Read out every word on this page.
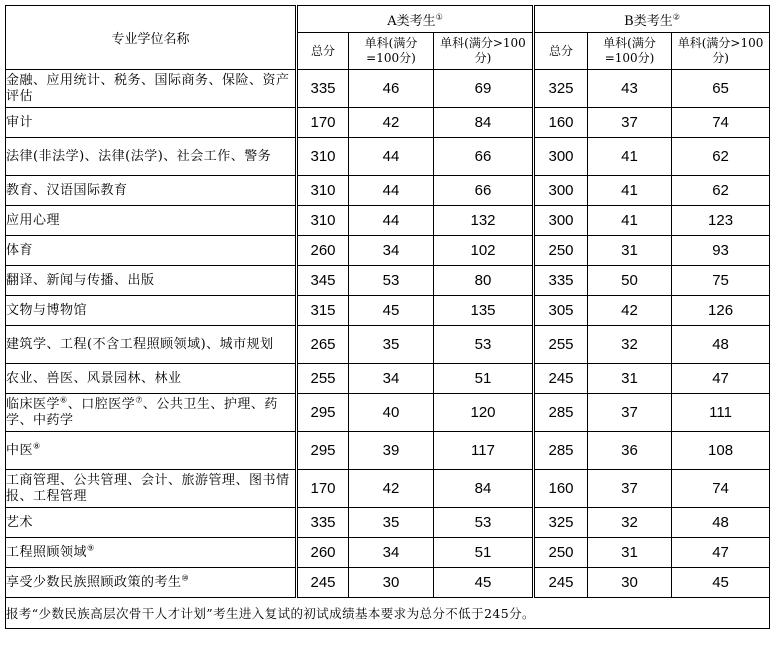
专业学位名称	A类考生①			B类考生②
	总分	单科(满分=100分)	单科(满分>100分)	总分	单科(满分=100分)	单科(满分>100分)
金融、应用统计、税务、国际商务、保险、资产评估	335	46	69	325	43	65
审计	170	42	84	160	37	74
法律(非法学)、法律(法学)、社会工作、警务	310	44	66	300	41	62
教育、汉语国际教育	310	44	66	300	41	62
应用心理	310	44	132	300	41	123
体育	260	34	102	250	31	93
翻译、新闻与传播、出版	345	53	80	335	50	75
文物与博物馆	315	45	135	305	42	126
建筑学、工程(不含工程照顾领域)、城市规划	265	35	53	255	32	48
农业、兽医、风景园林、林业	255	34	51	245	31	47
临床医学⑥、口腔医学⑦、公共卫生、护理、药学、中药学	295	40	120	285	37	111
中医⑧	295	39	117	285	36	108
工商管理、公共管理、会计、旅游管理、图书情报、工程管理	170	42	84	160	37	74
艺术	335	35	53	325	32	48
工程照顾领域⑨	260	34	51	250	31	47
享受少数民族照顾政策的考生⑩	245	30	45	245	30	45
报考“少数民族高层次骨干人才计划”考生进入复试的初试成绩基本要求为总分不低于245分。						
